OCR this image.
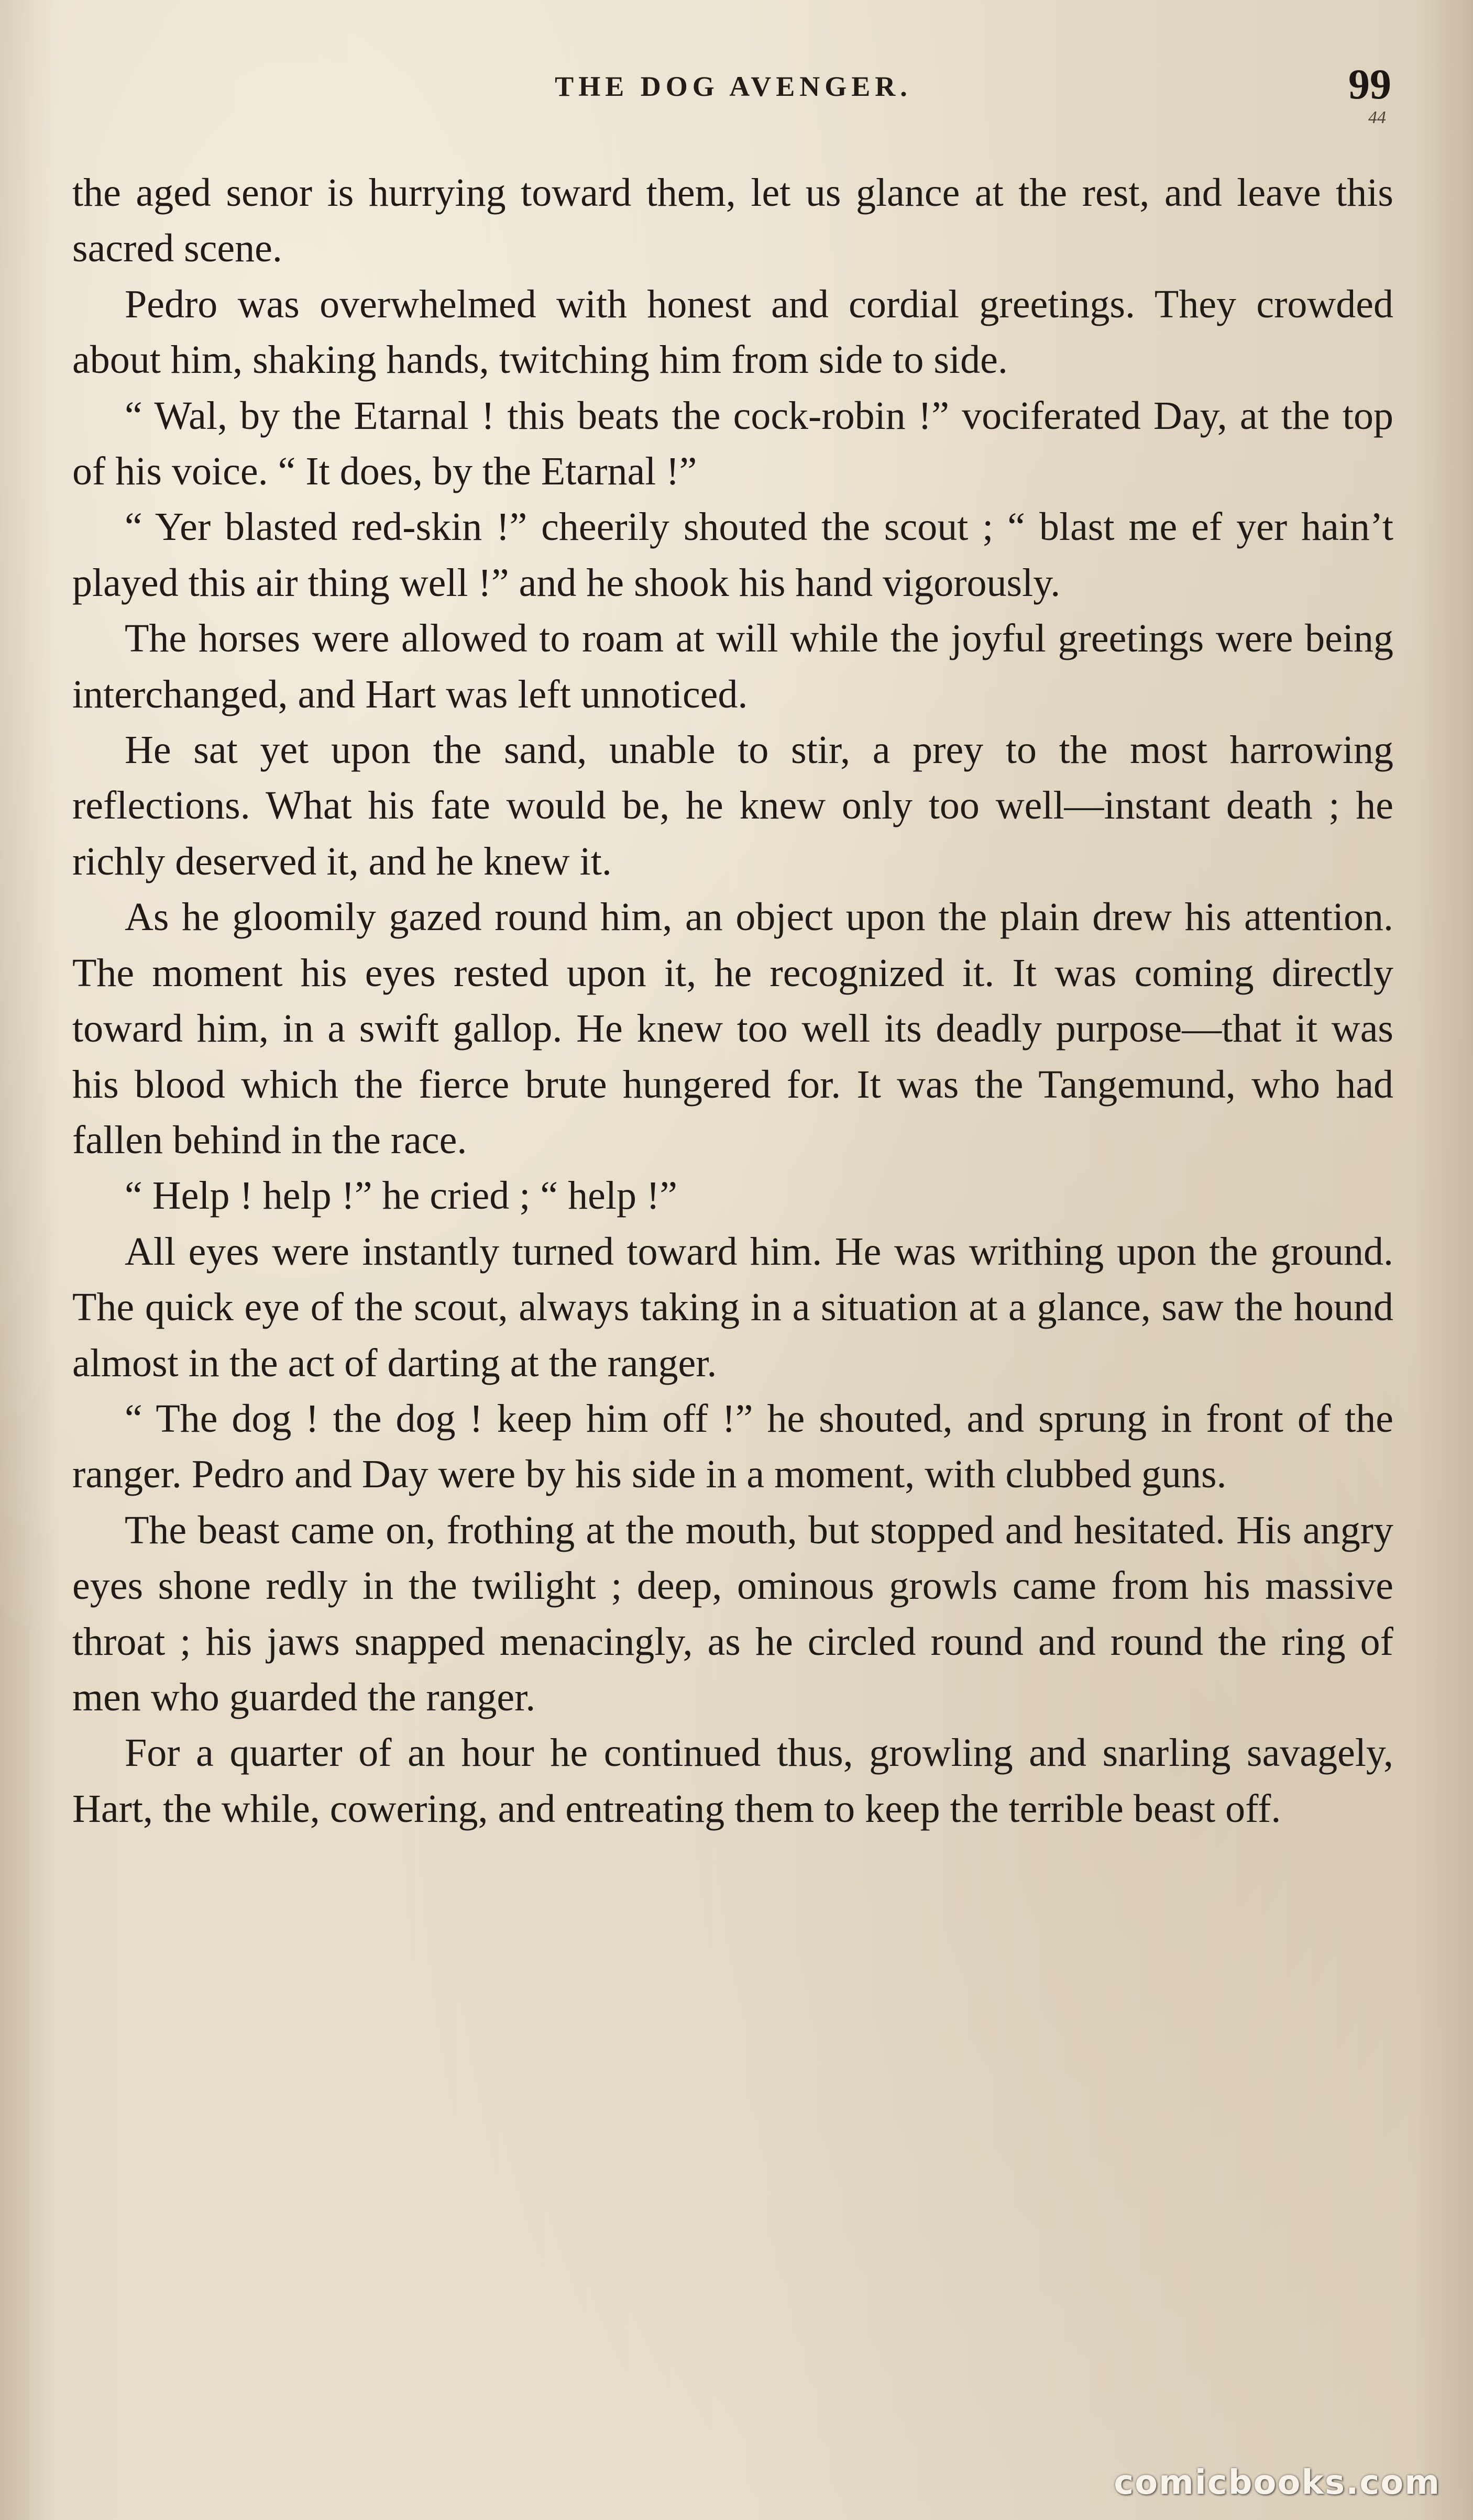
THE DOG AVENGER.	99
44

the aged senor is hurrying toward them, let us glance at the rest, and leave this sacred scene.

Pedro was overwhelmed with honest and cordial greetings. They crowded about him, shaking hands, twitching him from side to side.

“ Wal, by the Etarnal ! this beats the cock-robin !” vociferated Day, at the top of his voice. “ It does, by the Etarnal !”

“ Yer blasted red-skin !” cheerily shouted the scout ; “ blast me ef yer hain’t played this air thing well !” and he shook his hand vigorously.

The horses were allowed to roam at will while the joyful greetings were being interchanged, and Hart was left unnoticed.

He sat yet upon the sand, unable to stir, a prey to the most harrowing reflections. What his fate would be, he knew only too well—instant death ; he richly deserved it, and he knew it.

As he gloomily gazed round him, an object upon the plain drew his attention. The moment his eyes rested upon it, he recognized it. It was coming directly toward him, in a swift gallop. He knew too well its deadly purpose—that it was his blood which the fierce brute hungered for. It was the Tangemund, who had fallen behind in the race.

“ Help ! help !” he cried ; “ help !”

All eyes were instantly turned toward him. He was writhing upon the ground. The quick eye of the scout, always taking in a situation at a glance, saw the hound almost in the act of darting at the ranger.

“ The dog ! the dog ! keep him off !” he shouted, and sprung in front of the ranger. Pedro and Day were by his side in a moment, with clubbed guns.

The beast came on, frothing at the mouth, but stopped and hesitated. His angry eyes shone redly in the twilight ; deep, ominous growls came from his massive throat ; his jaws snapped menacingly, as he circled round and round the ring of men who guarded the ranger.

For a quarter of an hour he continued thus, growling and snarling savagely, Hart, the while, cowering, and entreating them to keep the terrible beast off.

comicbooks.com
